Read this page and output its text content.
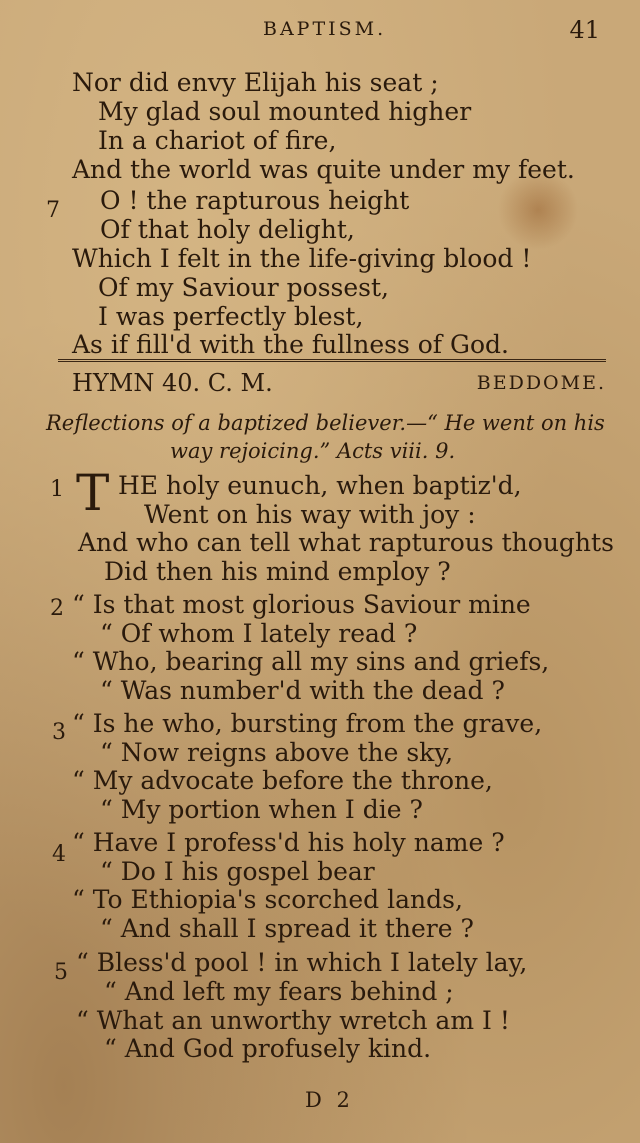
BAPTISM.	41
Nor did envy Elijah his seat ;
My glad soul mounted higher
In a chariot of fire,
And the world was quite under my feet.
7 O ! the rapturous height
Of that holy delight,
Which I felt in the life-giving blood !
Of my Saviour possest,
I was perfectly blest,
As if fill'd with the fullness of God.
HYMN 40. C. M.	BEDDOME.
Reflections of a baptized believer.—“ He went on his
way rejoicing.” Acts viii. 9.
1 T HE holy eunuch, when baptiz'd,
Went on his way with joy :
And who can tell what rapturous thoughts
Did then his mind employ ?
2 “ Is that most glorious Saviour mine
“ Of whom I lately read ?
“ Who, bearing all my sins and griefs,
“ Was number'd with the dead ?
3 “ Is he who, bursting from the grave,
“ Now reigns above the sky,
“ My advocate before the throne,
“ My portion when I die ?
4 “ Have I profess'd his holy name ?
“ Do I his gospel bear
“ To Ethiopia's scorched lands,
“ And shall I spread it there ?
5 “ Bless'd pool ! in which I lately lay,
“ And left my fears behind ;
“ What an unworthy wretch am I !
“ And God profusely kind.
D 2
